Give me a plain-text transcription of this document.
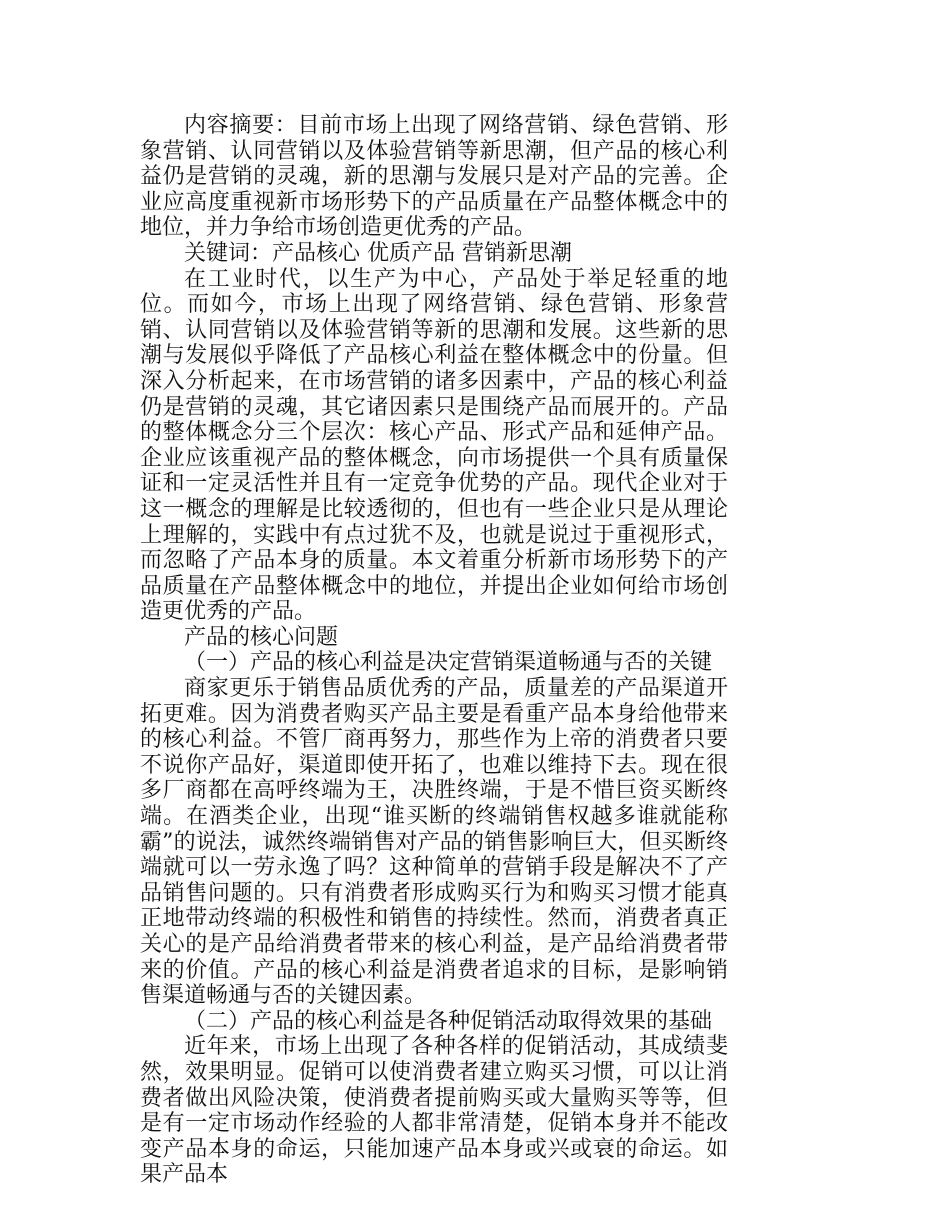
内容摘要：目前市场上出现了网络营销、绿色营销、形象营销、认同营销以及体验营销等新思潮，但产品的核心利益仍是营销的灵魂，新的思潮与发展只是对产品的完善。企业应高度重视新市场形势下的产品质量在产品整体概念中的地位，并力争给市场创造更优秀的产品。

关键词：产品核心 优质产品 营销新思潮

在工业时代，以生产为中心，产品处于举足轻重的地位。而如今，市场上出现了网络营销、绿色营销、形象营销、认同营销以及体验营销等新的思潮和发展。这些新的思潮与发展似乎降低了产品核心利益在整体概念中的份量。但深入分析起来，在市场营销的诸多因素中，产品的核心利益仍是营销的灵魂，其它诸因素只是围绕产品而展开的。产品的整体概念分三个层次：核心产品、形式产品和延伸产品。企业应该重视产品的整体概念，向市场提供一个具有质量保证和一定灵活性并且有一定竞争优势的产品。现代企业对于这一概念的理解是比较透彻的，但也有一些企业只是从理论上理解的，实践中有点过犹不及，也就是说过于重视形式，而忽略了产品本身的质量。本文着重分析新市场形势下的产品质量在产品整体概念中的地位，并提出企业如何给市场创造更优秀的产品。

产品的核心问题

（一）产品的核心利益是决定营销渠道畅通与否的关键

商家更乐于销售品质优秀的产品，质量差的产品渠道开拓更难。因为消费者购买产品主要是看重产品本身给他带来的核心利益。不管厂商再努力，那些作为上帝的消费者只要不说你产品好，渠道即使开拓了，也难以维持下去。现在很多厂商都在高呼终端为王，决胜终端，于是不惜巨资买断终端。在酒类企业，出现“谁买断的终端销售权越多谁就能称霸”的说法，诚然终端销售对产品的销售影响巨大，但买断终端就可以一劳永逸了吗？这种简单的营销手段是解决不了产品销售问题的。只有消费者形成购买行为和购买习惯才能真正地带动终端的积极性和销售的持续性。然而，消费者真正关心的是产品给消费者带来的核心利益，是产品给消费者带来的价值。产品的核心利益是消费者追求的目标，是影响销售渠道畅通与否的关键因素。

（二）产品的核心利益是各种促销活动取得效果的基础

近年来，市场上出现了各种各样的促销活动，其成绩斐然，效果明显。促销可以使消费者建立购买习惯，可以让消费者做出风险决策，使消费者提前购买或大量购买等等，但是有一定市场动作经验的人都非常清楚，促销本身并不能改变产品本身的命运，只能加速产品本身或兴或衰的命运。如果产品本
